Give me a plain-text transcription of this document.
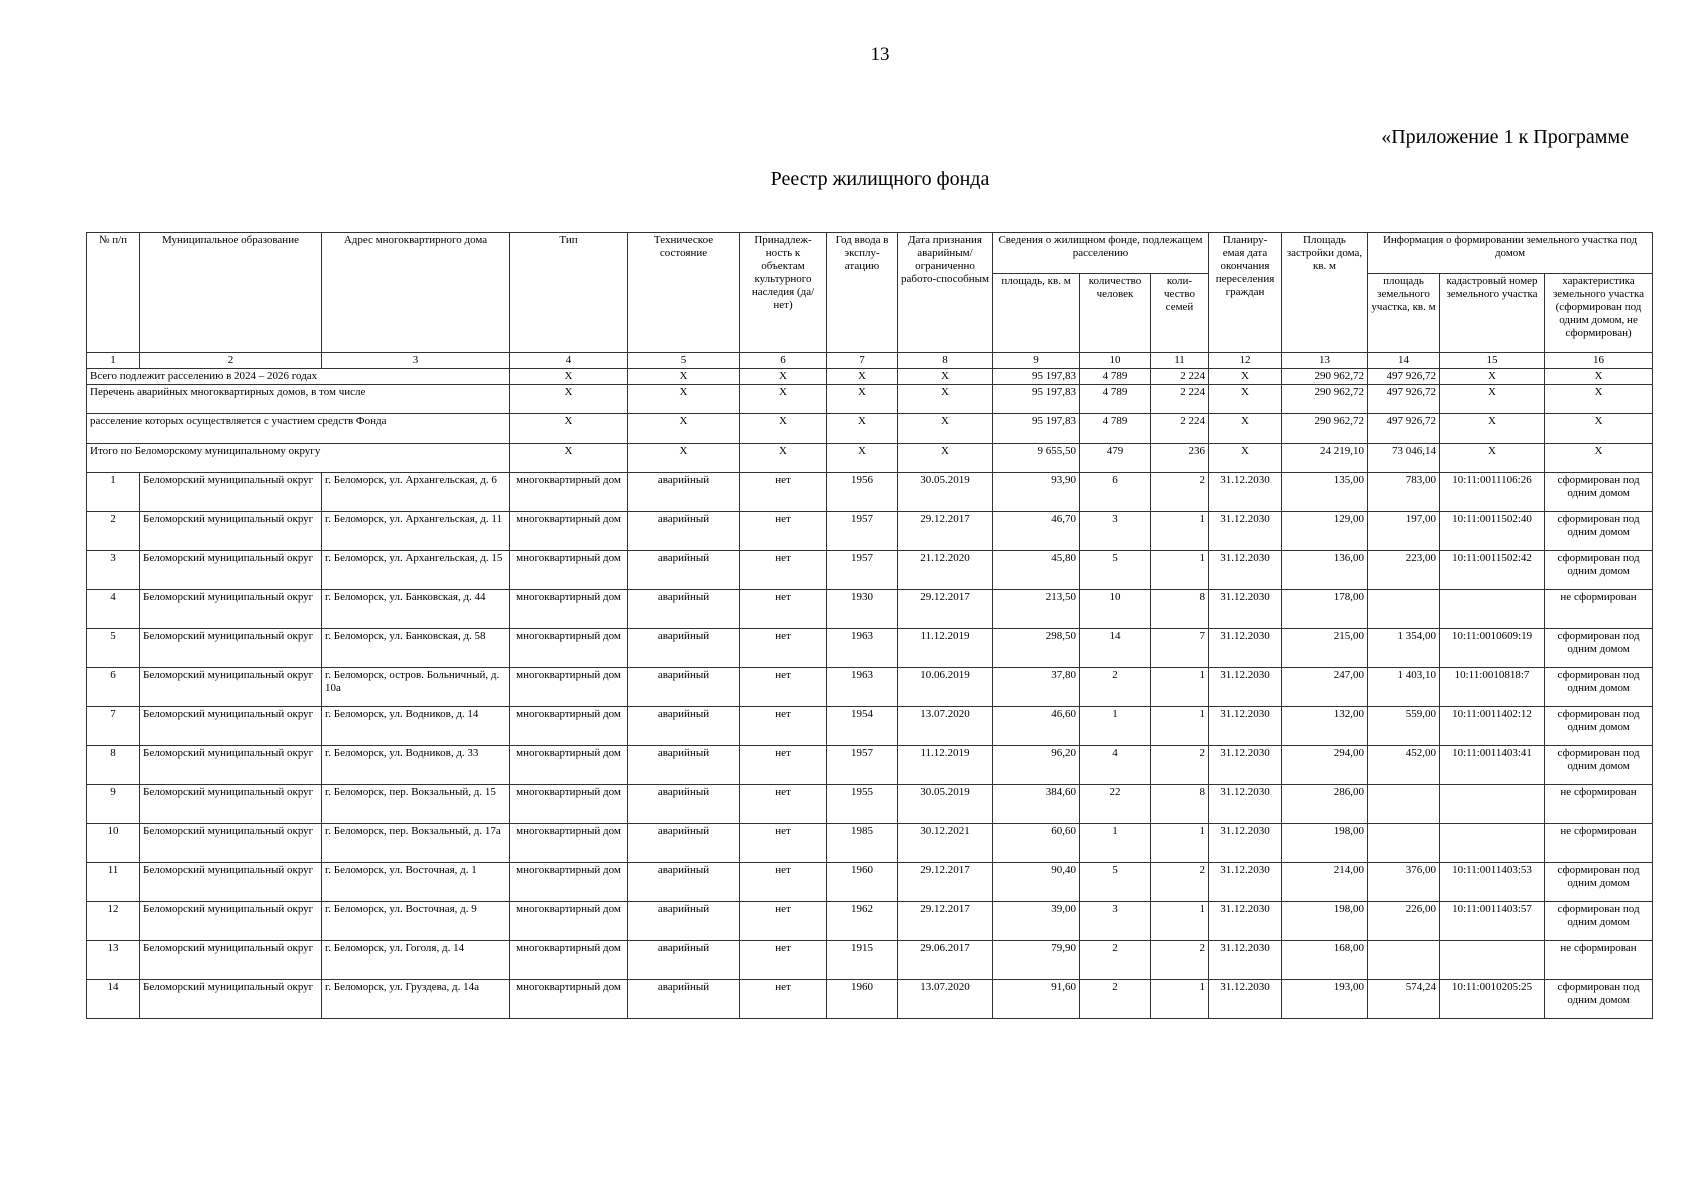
13
«Приложение 1 к Программе
Реестр жилищного фонда
№ п/п	Муниципальное образование	Адрес многоквартирного дома	Тип	Техническое состояние	Принадлеж-ность к объектам культурного наследия (да/нет)	Год ввода в эксплу-атацию	Дата признания аварийным/ ограниченно работо-способным	Сведения о жилищном фонде, подлежащем расселению			Планиру-емая дата окончания переселения граждан	Площадь застройки дома, кв. м	Информация о формировании земельного участка под домом		
								площадь, кв. м	количество человек	коли-чество семей			площадь земельного участка, кв. м	кадастровый номер земельного участка	характеристика земельного участка (сформирован под одним домом, не сформирован)
1	2	3	4	5	6	7	8	9	10	11	12	13	14	15	16
Всего подлежит расселению в 2024 – 2026 годах			Х	Х	Х	Х	Х	95 197,83	4 789	2 224	Х	290 962,72	497 926,72	Х	Х
Перечень аварийных многоквартирных домов, в том числе			Х	Х	Х	Х	Х	95 197,83	4 789	2 224	Х	290 962,72	497 926,72	Х	Х
расселение которых осуществляется с участием средств Фонда			Х	Х	Х	Х	Х	95 197,83	4 789	2 224	Х	290 962,72	497 926,72	Х	Х
Итого по Беломорскому муниципальному округу			Х	Х	Х	Х	Х	9 655,50	479	236	Х	24 219,10	73 046,14	Х	Х
1	Беломорский муниципальный округ	г. Беломорск, ул. Архангельская, д. 6	многоквартирный дом	аварийный	нет	1956	30.05.2019	93,90	6	2	31.12.2030	135,00	783,00	10:11:0011106:26	сформирован под одним домом
2	Беломорский муниципальный округ	г. Беломорск, ул. Архангельская, д. 11	многоквартирный дом	аварийный	нет	1957	29.12.2017	46,70	3	1	31.12.2030	129,00	197,00	10:11:0011502:40	сформирован под одним домом
3	Беломорский муниципальный округ	г. Беломорск, ул. Архангельская, д. 15	многоквартирный дом	аварийный	нет	1957	21.12.2020	45,80	5	1	31.12.2030	136,00	223,00	10:11:0011502:42	сформирован под одним домом
4	Беломорский муниципальный округ	г. Беломорск, ул. Банковская, д. 44	многоквартирный дом	аварийный	нет	1930	29.12.2017	213,50	10	8	31.12.2030	178,00			не сформирован
5	Беломорский муниципальный округ	г. Беломорск, ул. Банковская, д. 58	многоквартирный дом	аварийный	нет	1963	11.12.2019	298,50	14	7	31.12.2030	215,00	1 354,00	10:11:0010609:19	сформирован под одним домом
6	Беломорский муниципальный округ	г. Беломорск, остров. Больничный, д. 10а	многоквартирный дом	аварийный	нет	1963	10.06.2019	37,80	2	1	31.12.2030	247,00	1 403,10	10:11:0010818:7	сформирован под одним домом
7	Беломорский муниципальный округ	г. Беломорск, ул. Водников, д. 14	многоквартирный дом	аварийный	нет	1954	13.07.2020	46,60	1	1	31.12.2030	132,00	559,00	10:11:0011402:12	сформирован под одним домом
8	Беломорский муниципальный округ	г. Беломорск, ул. Водников, д. 33	многоквартирный дом	аварийный	нет	1957	11.12.2019	96,20	4	2	31.12.2030	294,00	452,00	10:11:0011403:41	сформирован под одним домом
9	Беломорский муниципальный округ	г. Беломорск, пер. Вокзальный, д. 15	многоквартирный дом	аварийный	нет	1955	30.05.2019	384,60	22	8	31.12.2030	286,00			не сформирован
10	Беломорский муниципальный округ	г. Беломорск, пер. Вокзальный, д. 17а	многоквартирный дом	аварийный	нет	1985	30.12.2021	60,60	1	1	31.12.2030	198,00			не сформирован
11	Беломорский муниципальный округ	г. Беломорск, ул. Восточная, д. 1	многоквартирный дом	аварийный	нет	1960	29.12.2017	90,40	5	2	31.12.2030	214,00	376,00	10:11:0011403:53	сформирован под одним домом
12	Беломорский муниципальный округ	г. Беломорск, ул. Восточная, д. 9	многоквартирный дом	аварийный	нет	1962	29.12.2017	39,00	3	1	31.12.2030	198,00	226,00	10:11:0011403:57	сформирован под одним домом
13	Беломорский муниципальный округ	г. Беломорск, ул. Гоголя, д. 14	многоквартирный дом	аварийный	нет	1915	29.06.2017	79,90	2	2	31.12.2030	168,00			не сформирован
14	Беломорский муниципальный округ	г. Беломорск, ул. Груздева, д. 14а	многоквартирный дом	аварийный	нет	1960	13.07.2020	91,60	2	1	31.12.2030	193,00	574,24	10:11:0010205:25	сформирован под одним домом
